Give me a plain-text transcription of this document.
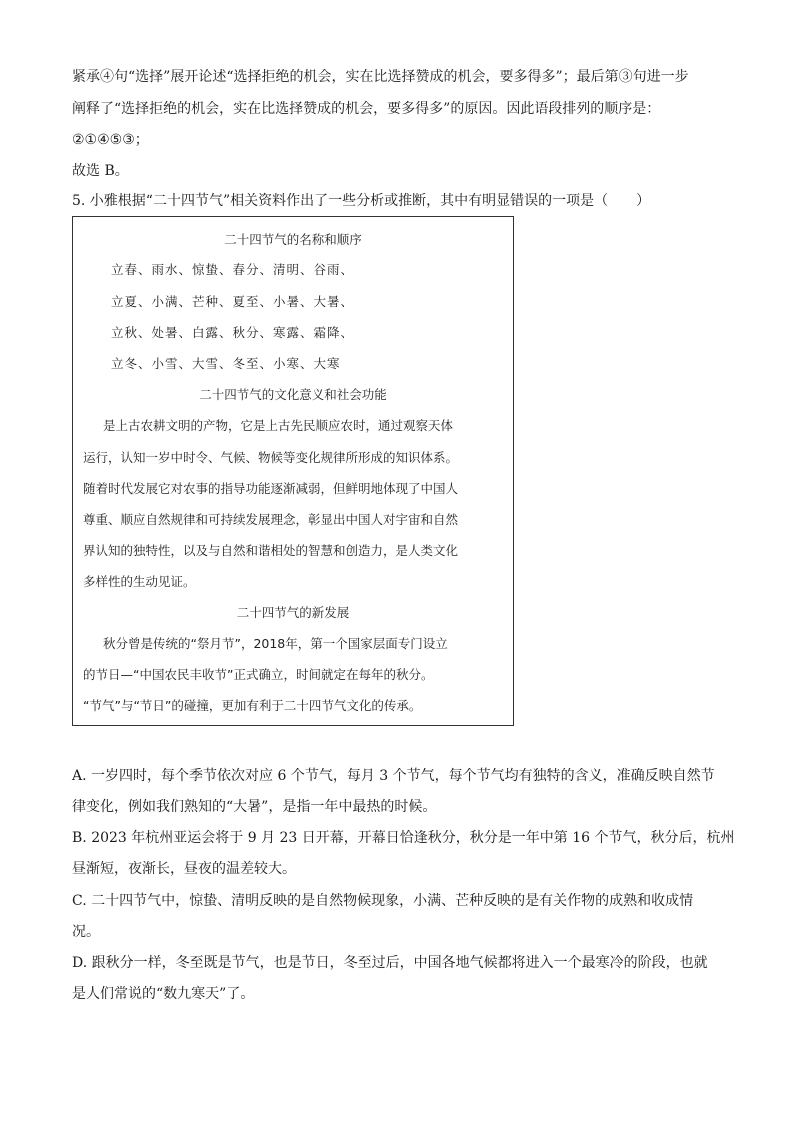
紧承④句“选择”展开论述“选择拒绝的机会，实在比选择赞成的机会，要多得多”；最后第③句进一步
阐释了“选择拒绝的机会，实在比选择赞成的机会，要多得多”的原因。因此语段排列的顺序是：
②①④⑤③；
故选 B。
5. 小雅根据“二十四节气”相关资料作出了一些分析或推断，其中有明显错误的一项是（　　）
二十四节气的名称和顺序
立春、雨水、惊蛰、春分、清明、谷雨、
立夏、小满、芒种、夏至、小暑、大暑、
立秋、处暑、白露、秋分、寒露、霜降、
立冬、小雪、大雪、冬至、小寒、大寒
二十四节气的文化意义和社会功能
是上古农耕文明的产物，它是上古先民顺应农时，通过观察天体
运行，认知一岁中时令、气候、物候等变化规律所形成的知识体系。
随着时代发展它对农事的指导功能逐渐减弱，但鲜明地体现了中国人
尊重、顺应自然规律和可持续发展理念，彰显出中国人对宇宙和自然
界认知的独特性，以及与自然和谐相处的智慧和创造力，是人类文化
多样性的生动见证。
二十四节气的新发展
秋分曾是传统的“祭月节”，2018年，第一个国家层面专门设立
的节日—“中国农民丰收节”正式确立，时间就定在每年的秋分。
“节气”与“节日”的碰撞，更加有利于二十四节气文化的传承。
A. 一岁四时，每个季节依次对应 6 个节气，每月 3 个节气，每个节气均有独特的含义，准确反映自然节
律变化，例如我们熟知的“大暑”，是指一年中最热的时候。
B. 2023 年杭州亚运会将于 9 月 23 日开幕，开幕日恰逢秋分，秋分是一年中第 16 个节气，秋分后，杭州
昼渐短，夜渐长，昼夜的温差较大。
C. 二十四节气中，惊蛰、清明反映的是自然物候现象，小满、芒种反映的是有关作物的成熟和收成情
况。
D. 跟秋分一样，冬至既是节气，也是节日，冬至过后，中国各地气候都将进入一个最寒冷的阶段，也就
是人们常说的“数九寒天”了。
